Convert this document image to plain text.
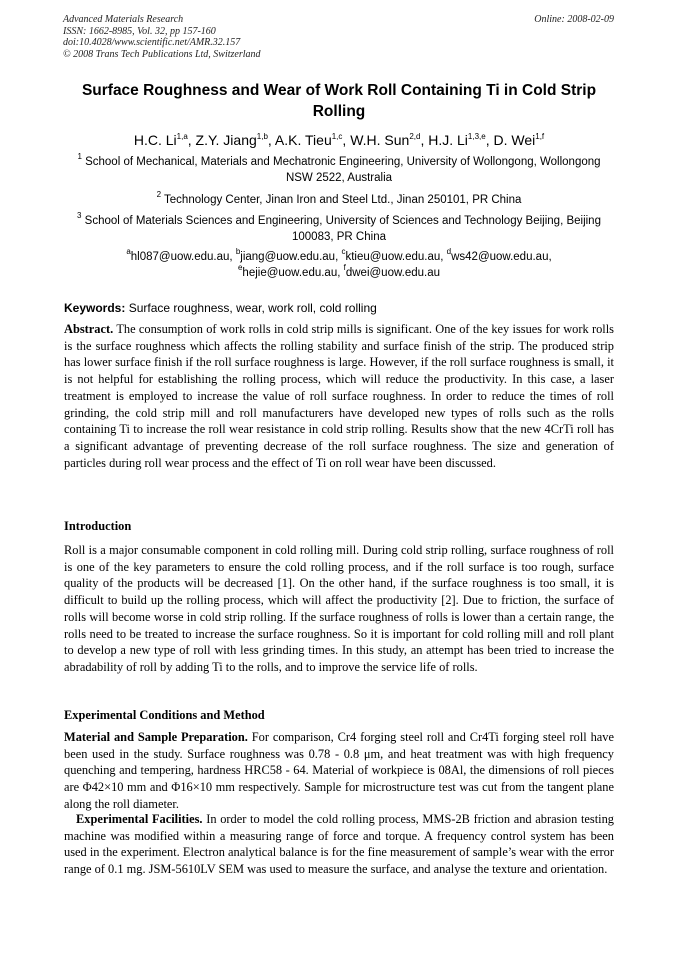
Advanced Materials Research
ISSN: 1662-8985, Vol. 32, pp 157-160
doi:10.4028/www.scientific.net/AMR.32.157
© 2008 Trans Tech Publications Ltd, Switzerland
Online: 2008-02-09
Surface Roughness and Wear of Work Roll Containing Ti in Cold Strip Rolling
H.C. Li$^{1,a}$, Z.Y. Jiang$^{1,b}$, A.K. Tieu$^{1,c}$, W.H. Sun$^{2,d}$, H.J. Li$^{1,3,e}$, D. Wei$^{1,f}$
$^1$ School of Mechanical, Materials and Mechatronic Engineering, University of Wollongong, Wollongong NSW 2522, Australia
$^2$ Technology Center, Jinan Iron and Steel Ltd., Jinan 250101, PR China
$^3$ School of Materials Sciences and Engineering, University of Sciences and Technology Beijing, Beijing 100083, PR China
$^a$hl087@uow.edu.au, $^b$jiang@uow.edu.au, $^c$ktieu@uow.edu.au, $^d$ws42@uow.edu.au,
$^e$hejie@uow.edu.au, $^f$dwei@uow.edu.au
Keywords: Surface roughness, wear, work roll, cold rolling
Abstract. The consumption of work rolls in cold strip mills is significant. One of the key issues for work rolls is the surface roughness which affects the rolling stability and surface finish of the strip. The produced strip has lower surface finish if the roll surface roughness is large. However, if the roll surface roughness is small, it is not helpful for establishing the rolling process, which will reduce the productivity. In this case, a laser treatment is employed to increase the value of roll surface roughness. In order to reduce the times of roll grinding, the cold strip mill and roll manufacturers have developed new types of rolls such as the rolls containing Ti to increase the roll wear resistance in cold strip rolling. Results show that the new 4CrTi roll has a significant advantage of preventing decrease of the roll surface roughness. The size and generation of particles during roll wear process and the effect of Ti on roll wear have been discussed.
Introduction
Roll is a major consumable component in cold rolling mill. During cold strip rolling, surface roughness of roll is one of the key parameters to ensure the cold rolling process, and if the roll surface is too rough, surface quality of the products will be decreased [1]. On the other hand, if the surface roughness is too small, it is difficult to build up the rolling process, which will affect the productivity [2]. Due to friction, the surface of rolls will become worse in cold strip rolling. If the surface roughness of rolls is lower than a certain range, the rolls need to be treated to increase the surface roughness. So it is important for cold rolling mill and roll plant to develop a new type of roll with less grinding times. In this study, an attempt has been tried to increase the abradability of roll by adding Ti to the rolls, and to improve the service life of rolls.
Experimental Conditions and Method
Material and Sample Preparation. For comparison, Cr4 forging steel roll and Cr4Ti forging steel roll have been used in the study. Surface roughness was 0.78 - 0.8 μm, and heat treatment was with high frequency quenching and tempering, hardness HRC58 - 64. Material of workpiece is 08Al, the dimensions of roll pieces are Φ42×10 mm and Φ16×10 mm respectively. Sample for microstructure test was cut from the tangent plane along the roll diameter.
Experimental Facilities. In order to model the cold rolling process, MMS-2B friction and abrasion testing machine was modified within a measuring range of force and torque. A frequency control system has been used in the experiment. Electron analytical balance is for the fine measurement of sample’s wear with the error range of 0.1 mg. JSM-5610LV SEM was used to measure the surface, and analyse the texture and orientation.
